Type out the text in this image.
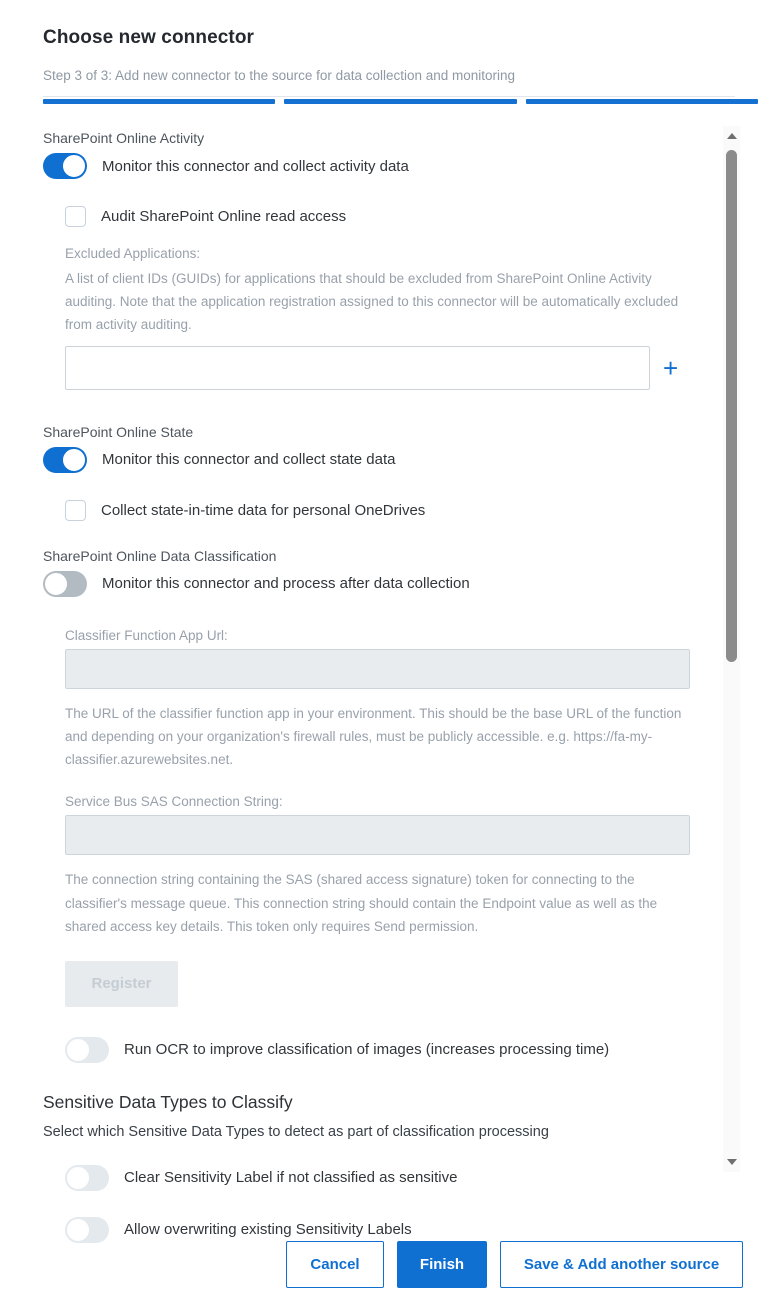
Choose new connector
Step 3 of 3: Add new connector to the source for data collection and monitoring
SharePoint Online Activity
Monitor this connector and collect activity data
Audit SharePoint Online read access
Excluded Applications:
A list of client IDs (GUIDs) for applications that should be excluded from SharePoint Online Activity auditing. Note that the application registration assigned to this connector will be automatically excluded from activity auditing.
+
SharePoint Online State
Monitor this connector and collect state data
Collect state-in-time data for personal OneDrives
SharePoint Online Data Classification
Monitor this connector and process after data collection
Classifier Function App Url:
The URL of the classifier function app in your environment. This should be the base URL of the function and depending on your organization's firewall rules, must be publicly accessible. e.g. https://fa-my-classifier.azurewebsites.net.
Service Bus SAS Connection String:
The connection string containing the SAS (shared access signature) token for connecting to the classifier's message queue. This connection string should contain the Endpoint value as well as the shared access key details. This token only requires Send permission.
Register
Run OCR to improve classification of images (increases processing time)
Sensitive Data Types to Classify
Select which Sensitive Data Types to detect as part of classification processing
Clear Sensitivity Label if not classified as sensitive
Allow overwriting existing Sensitivity Labels
Cancel	Finish	Save & Add another source
